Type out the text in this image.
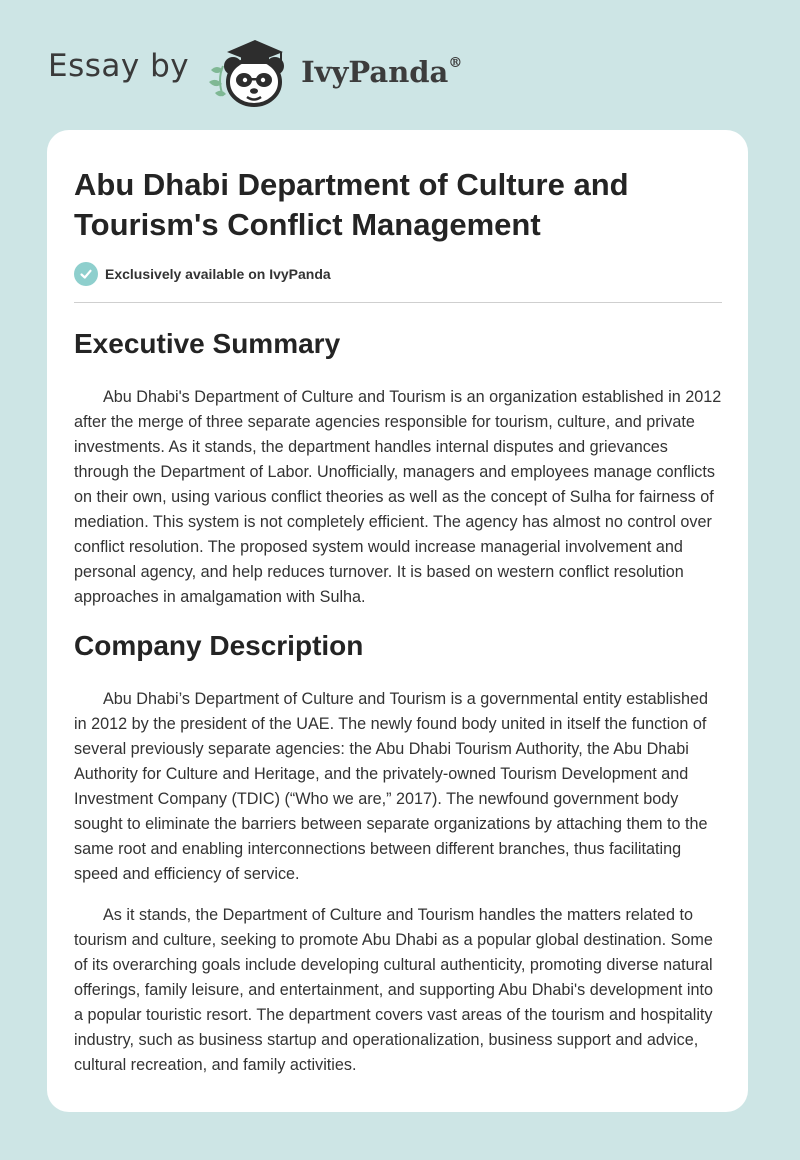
Essay by	IvyPanda®
Abu Dhabi Department of Culture and Tourism's Conflict Management
Exclusively available on IvyPanda
Executive Summary

Abu Dhabi's Department of Culture and Tourism is an organization established in 2012 after the merge of three separate agencies responsible for tourism, culture, and private investments. As it stands, the department handles internal disputes and grievances through the Department of Labor. Unofficially, managers and employees manage conflicts on their own, using various conflict theories as well as the concept of Sulha for fairness of mediation. This system is not completely efficient. The agency has almost no control over conflict resolution. The proposed system would increase managerial involvement and personal agency, and help reduces turnover. It is based on western conflict resolution approaches in amalgamation with Sulha.

Company Description

Abu Dhabi’s Department of Culture and Tourism is a governmental entity established in 2012 by the president of the UAE. The newly found body united in itself the function of several previously separate agencies: the Abu Dhabi Tourism Authority, the Abu Dhabi Authority for Culture and Heritage, and the privately-owned Tourism Development and Investment Company (TDIC) (“Who we are,” 2017). The newfound government body sought to eliminate the barriers between separate organizations by attaching them to the same root and enabling interconnections between different branches, thus facilitating speed and efficiency of service.

As it stands, the Department of Culture and Tourism handles the matters related to tourism and culture, seeking to promote Abu Dhabi as a popular global destination. Some of its overarching goals include developing cultural authenticity, promoting diverse natural offerings, family leisure, and entertainment, and supporting Abu Dhabi's development into a popular touristic resort. The department covers vast areas of the tourism and hospitality industry, such as business startup and operationalization, business support and advice, cultural recreation, and family activities.
